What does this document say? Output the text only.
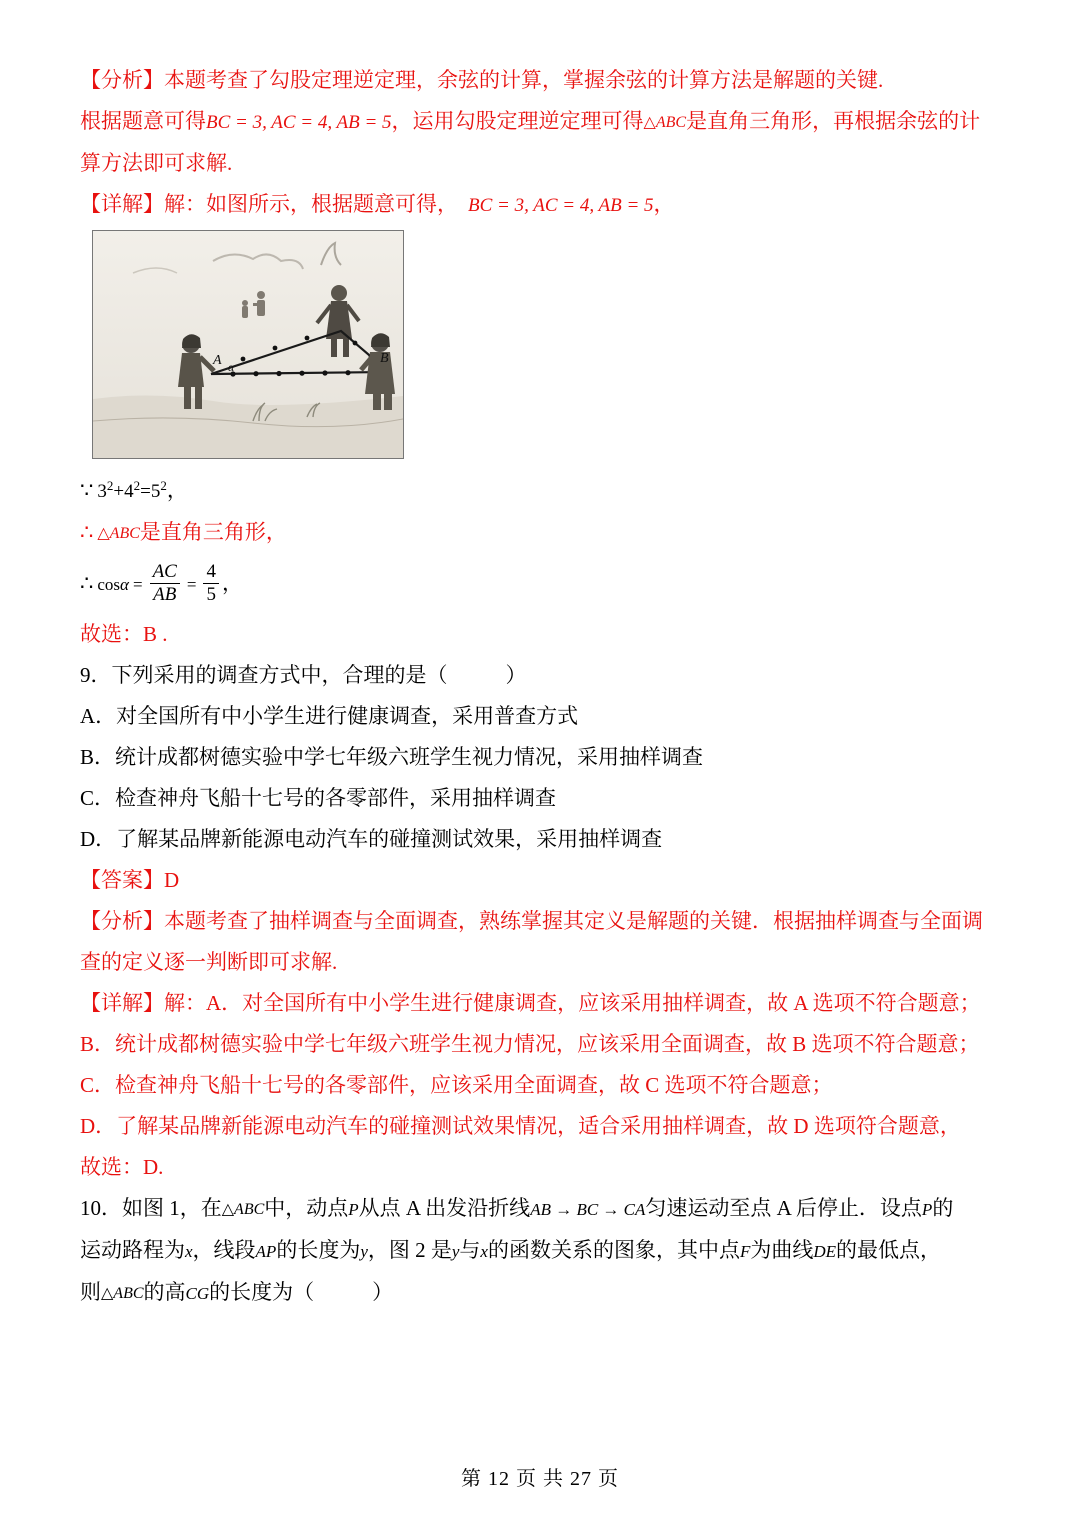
【分析】本题考查了勾股定理逆定理，余弦的计算，掌握余弦的计算方法是解题的关键.
根据题意可得BC = 3, AC = 4, AB = 5，运用勾股定理逆定理可得△ABC是直角三角形，再根据余弦的计
算方法即可求解.
【详解】解：如图所示，根据题意可得， BC = 3, AC = 4, AB = 5，
A	B
α
∵ $3^2+4^2=5^2$，
∴ △ABC是直角三角形，
∴ $\cos\alpha = \frac{AC}{AB} = \frac{4}{5}$ ，
故选：B .
9．下列采用的调查方式中，合理的是（	）
A．对全国所有中小学生进行健康调查，采用普查方式
B．统计成都树德实验中学七年级六班学生视力情况，采用抽样调查
C．检查神舟飞船十七号的各零部件，采用抽样调查
D．了解某品牌新能源电动汽车的碰撞测试效果，采用抽样调查
【答案】D
【分析】本题考查了抽样调查与全面调查，熟练掌握其定义是解题的关键．根据抽样调查与全面调
查的定义逐一判断即可求解.
【详解】解：A．对全国所有中小学生进行健康调查，应该采用抽样调查，故 A 选项不符合题意；
B．统计成都树德实验中学七年级六班学生视力情况，应该采用全面调查，故 B 选项不符合题意；
C．检查神舟飞船十七号的各零部件，应该采用全面调查，故 C 选项不符合题意；
D．了解某品牌新能源电动汽车的碰撞测试效果情况，适合采用抽样调查，故 D 选项符合题意，
故选：D.
10．如图 1，在△ABC中，动点P从点 A 出发沿折线AB → BC → CA匀速运动至点 A 后停止．设点P的
运动路程为x，线段AP的长度为y，图 2 是y与x的函数关系的图象，其中点F为曲线DE的最低点，
则△ABC的高CG的长度为（	）
第 12 页 共 27 页
